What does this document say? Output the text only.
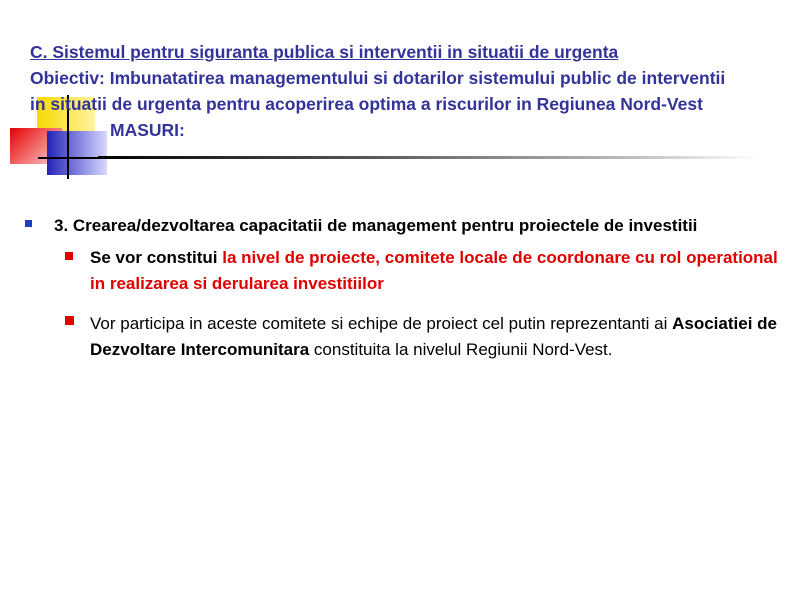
C. Sistemul pentru siguranta publica si interventii in situatii de urgenta
Obiectiv: Imbunatatirea managementului si dotarilor sistemului public de interventii
in situatii de urgenta pentru acoperirea optima a riscurilor in Regiunea Nord-Vest
MASURI:
3. Crearea/dezvoltarea capacitatii de management pentru proiectele de investitii
Se vor constitui la nivel de proiecte, comitete locale de coordonare cu rol operational in realizarea si derularea investitiilor
Vor participa in aceste comitete si echipe de proiect cel putin reprezentanti ai Asociatiei de Dezvoltare Intercomunitara constituita la nivelul Regiunii Nord-Vest.
